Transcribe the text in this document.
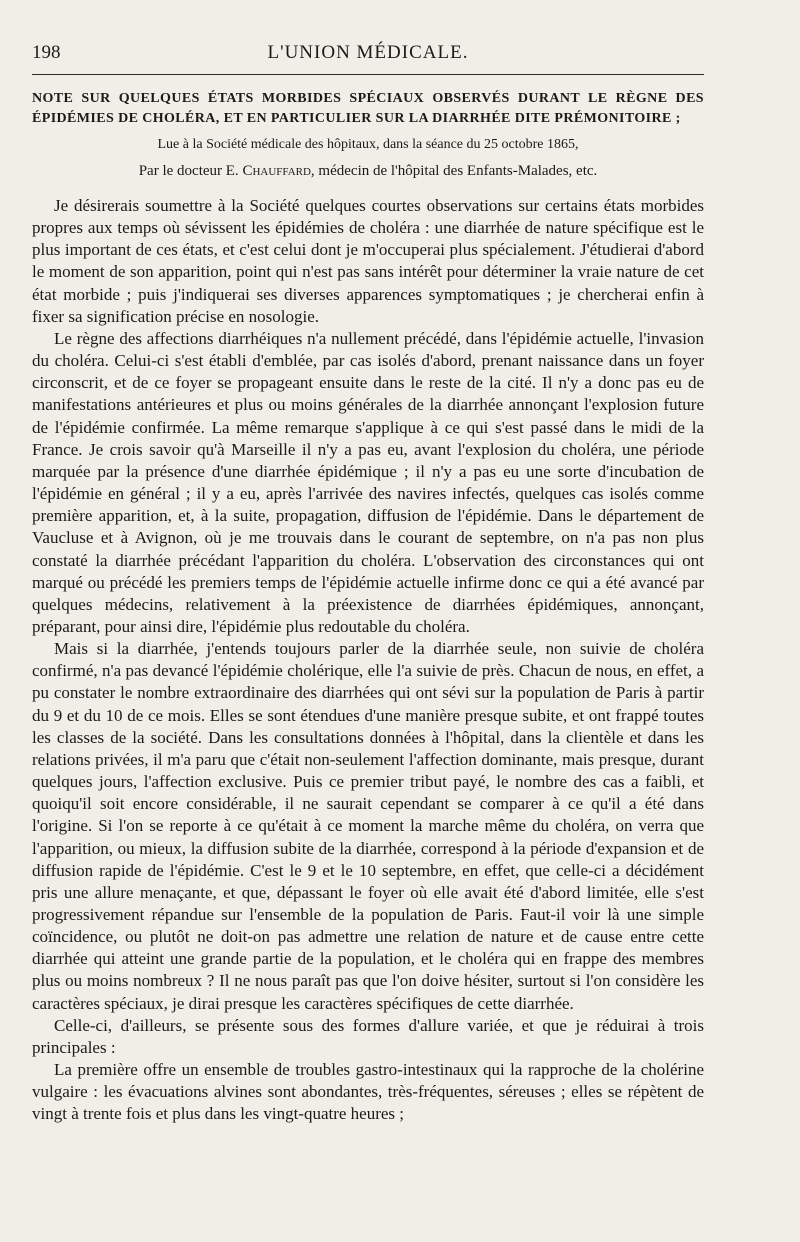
198	L'UNION MÉDICALE.

NOTE SUR QUELQUES ÉTATS MORBIDES SPÉCIAUX OBSERVÉS DURANT LE RÈGNE DES ÉPIDÉMIES DE CHOLÉRA, ET EN PARTICULIER SUR LA DIARRHÉE DITE PRÉMONITOIRE ;

Lue à la Société médicale des hôpitaux, dans la séance du 25 octobre 1865,

Par le docteur E. Chauffard, médecin de l'hôpital des Enfants-Malades, etc.

Je désirerais soumettre à la Société quelques courtes observations sur certains états morbides propres aux temps où sévissent les épidémies de choléra : une diarrhée de nature spécifique est le plus important de ces états, et c'est celui dont je m'occuperai plus spécialement. J'étudierai d'abord le moment de son apparition, point qui n'est pas sans intérêt pour déterminer la vraie nature de cet état morbide ; puis j'indiquerai ses diverses apparences symptomatiques ; je chercherai enfin à fixer sa signification précise en nosologie.

Le règne des affections diarrhéiques n'a nullement précédé, dans l'épidémie actuelle, l'invasion du choléra. Celui-ci s'est établi d'emblée, par cas isolés d'abord, prenant naissance dans un foyer circonscrit, et de ce foyer se propageant ensuite dans le reste de la cité. Il n'y a donc pas eu de manifestations antérieures et plus ou moins générales de la diarrhée annonçant l'explosion future de l'épidémie confirmée. La même remarque s'applique à ce qui s'est passé dans le midi de la France. Je crois savoir qu'à Marseille il n'y a pas eu, avant l'explosion du choléra, une période marquée par la présence d'une diarrhée épidémique ; il n'y a pas eu une sorte d'incubation de l'épidémie en général ; il y a eu, après l'arrivée des navires infectés, quelques cas isolés comme première apparition, et, à la suite, propagation, diffusion de l'épidémie. Dans le département de Vaucluse et à Avignon, où je me trouvais dans le courant de septembre, on n'a pas non plus constaté la diarrhée précédant l'apparition du choléra. L'observation des circonstances qui ont marqué ou précédé les premiers temps de l'épidémie actuelle infirme donc ce qui a été avancé par quelques médecins, relativement à la préexistence de diarrhées épidémiques, annonçant, préparant, pour ainsi dire, l'épidémie plus redoutable du choléra.

Mais si la diarrhée, j'entends toujours parler de la diarrhée seule, non suivie de choléra confirmé, n'a pas devancé l'épidémie cholérique, elle l'a suivie de près. Chacun de nous, en effet, a pu constater le nombre extraordinaire des diarrhées qui ont sévi sur la population de Paris à partir du 9 et du 10 de ce mois. Elles se sont étendues d'une manière presque subite, et ont frappé toutes les classes de la société. Dans les consultations données à l'hôpital, dans la clientèle et dans les relations privées, il m'a paru que c'était non-seulement l'affection dominante, mais presque, durant quelques jours, l'affection exclusive. Puis ce premier tribut payé, le nombre des cas a faibli, et quoiqu'il soit encore considérable, il ne saurait cependant se comparer à ce qu'il a été dans l'origine. Si l'on se reporte à ce qu'était à ce moment la marche même du choléra, on verra que l'apparition, ou mieux, la diffusion subite de la diarrhée, correspond à la période d'expansion et de diffusion rapide de l'épidémie. C'est le 9 et le 10 septembre, en effet, que celle-ci a décidément pris une allure menaçante, et que, dépassant le foyer où elle avait été d'abord limitée, elle s'est progressivement répandue sur l'ensemble de la population de Paris. Faut-il voir là une simple coïncidence, ou plutôt ne doit-on pas admettre une relation de nature et de cause entre cette diarrhée qui atteint une grande partie de la population, et le choléra qui en frappe des membres plus ou moins nombreux ? Il ne nous paraît pas que l'on doive hésiter, surtout si l'on considère les caractères spéciaux, je dirai presque les caractères spécifiques de cette diarrhée.

Celle-ci, d'ailleurs, se présente sous des formes d'allure variée, et que je réduirai à trois principales :

La première offre un ensemble de troubles gastro-intestinaux qui la rapproche de la cholérine vulgaire : les évacuations alvines sont abondantes, très-fréquentes, séreuses ; elles se répètent de vingt à trente fois et plus dans les vingt-quatre heures ;
